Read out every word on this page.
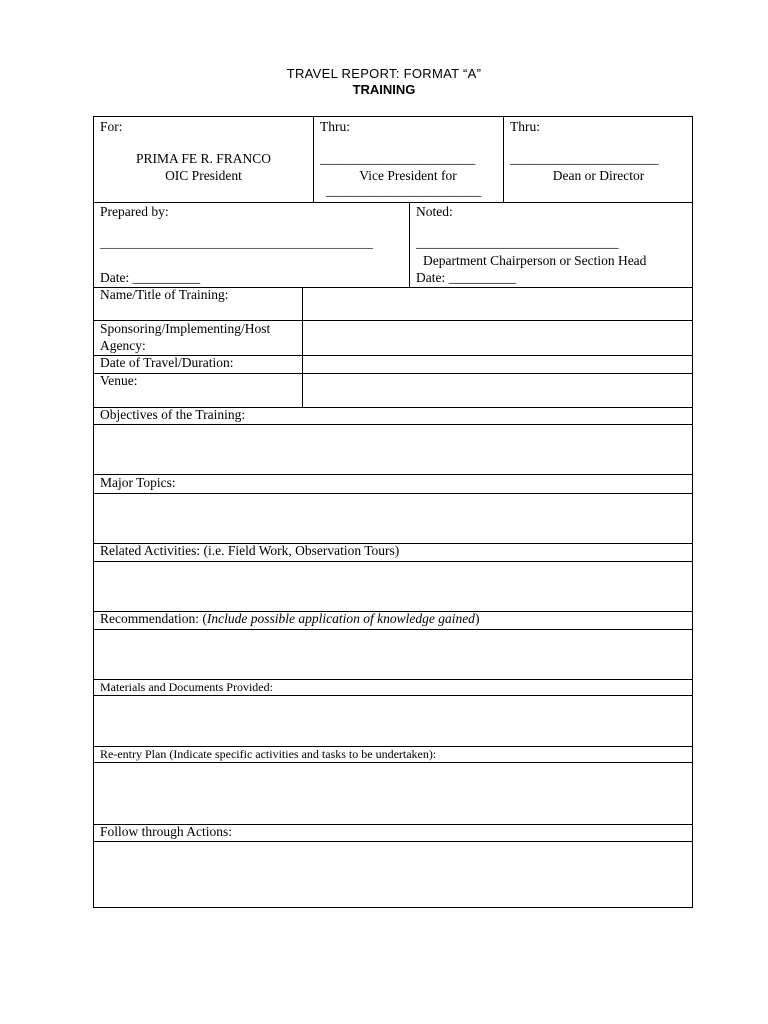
TRAVEL REPORT: FORMAT “A”
TRAINING
For:
PRIMA FE R. FRANCO
OIC President
Thru:
_______________________
Vice President for
_______________________
Thru:
______________________
Dean or Director
Prepared by:
__________________________________________
Date: __________
Noted:
______________________________
Department Chairperson or Section Head
Date: __________
Name/Title of Training:
Sponsoring/Implementing/Host
Agency:
Date of Travel/Duration:
Venue:
Objectives of the Training:
Major Topics:
Related Activities: (i.e. Field Work, Observation Tours)
Recommendation: (Include possible application of knowledge gained)
Materials and Documents Provided:
Re-entry Plan (Indicate specific activities and tasks to be undertaken):
Follow through Actions:
